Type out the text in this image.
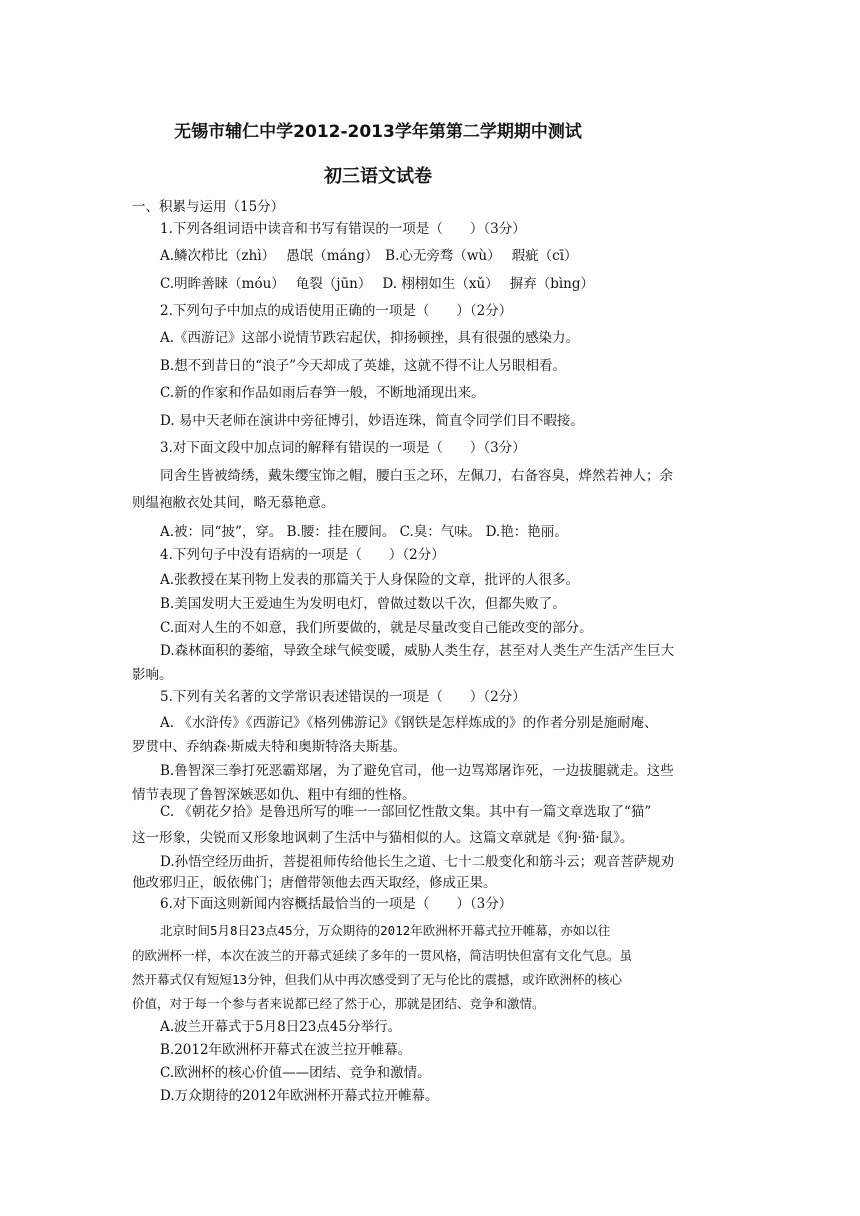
无锡市辅仁中学2012-2013学年第第二学期期中测试
初三语文试卷
一、积累与运用（15分）
1.下列各组词语中读音和书写有错误的一项是（　　）（3分）
A.鳞次栉比（zhì）　 愚氓（máng）　B.心无旁骛（wù）　 瑕疵（cī）
C.明眸善睐（móu）　 龟裂（jūn）　 D. 栩栩如生（xǔ）　 摒弃（bìng）
2.下列句子中加点的成语使用正确的一项是（　　）（2分）
A.《西游记》这部小说情节跌宕起伏，抑扬顿挫，具有很强的感染力。
B.想不到昔日的“浪子”今天却成了英雄，这就不得不让人另眼相看。
C.新的作家和作品如雨后春笋一般，不断地涌现出来。
D. 易中天老师在演讲中旁征博引，妙语连珠，简直令同学们目不暇接。
3.对下面文段中加点词的解释有错误的一项是（　　）（3分）
同舍生皆被绮绣，戴朱缨宝饰之帽，腰白玉之环，左佩刀，右备容臭，烨然若神人；余
则缊袍敝衣处其间，略无慕艳意。
A.被：同“披”，穿。 B.腰：挂在腰间。 C.臭：气味。 D.艳：艳丽。
4.下列句子中没有语病的一项是（　　）（2分）
A.张教授在某刊物上发表的那篇关于人身保险的文章，批评的人很多。
B.美国发明大王爱迪生为发明电灯，曾做过数以千次，但都失败了。
C.面对人生的不如意，我们所要做的，就是尽量改变自己能改变的部分。
D.森林面积的萎缩，导致全球气候变暖，威胁人类生存，甚至对人类生产生活产生巨大
影响。
5.下列有关名著的文学常识表述错误的一项是（　　）（2分）
A. 《水浒传》《西游记》《格列佛游记》《钢铁是怎样炼成的》的作者分别是施耐庵、
罗贯中、乔纳森·斯威夫特和奥斯特洛夫斯基。
B.鲁智深三拳打死恶霸郑屠，为了避免官司，他一边骂郑屠诈死，一边拔腿就走。这些
情节表现了鲁智深嫉恶如仇、粗中有细的性格。
C. 《朝花夕拾》是鲁迅所写的唯一一部回忆性散文集。其中有一篇文章选取了“猫”
这一形象，尖锐而又形象地讽刺了生活中与猫相似的人。这篇文章就是《狗·猫·鼠》。
D.孙悟空经历曲折，菩提祖师传给他长生之道、七十二般变化和筋斗云；观音菩萨规劝
他改邪归正，皈依佛门；唐僧带领他去西天取经，修成正果。
6.对下面这则新闻内容概括最恰当的一项是（　　）（3分）
北京时间5月8日23点45分，万众期待的2012年欧洲杯开幕式拉开帷幕，亦如以往
的欧洲杯一样，本次在波兰的开幕式延续了多年的一贯风格，简洁明快但富有文化气息。虽
然开幕式仅有短短13分钟，但我们从中再次感受到了无与伦比的震撼，或许欧洲杯的核心
价值，对于每一个参与者来说都已经了然于心，那就是团结、竞争和激情。
A.波兰开幕式于5月8日23点45分举行。
B.2012年欧洲杯开幕式在波兰拉开帷幕。
C.欧洲杯的核心价值——团结、竞争和激情。
D.万众期待的2012年欧洲杯开幕式拉开帷幕。
